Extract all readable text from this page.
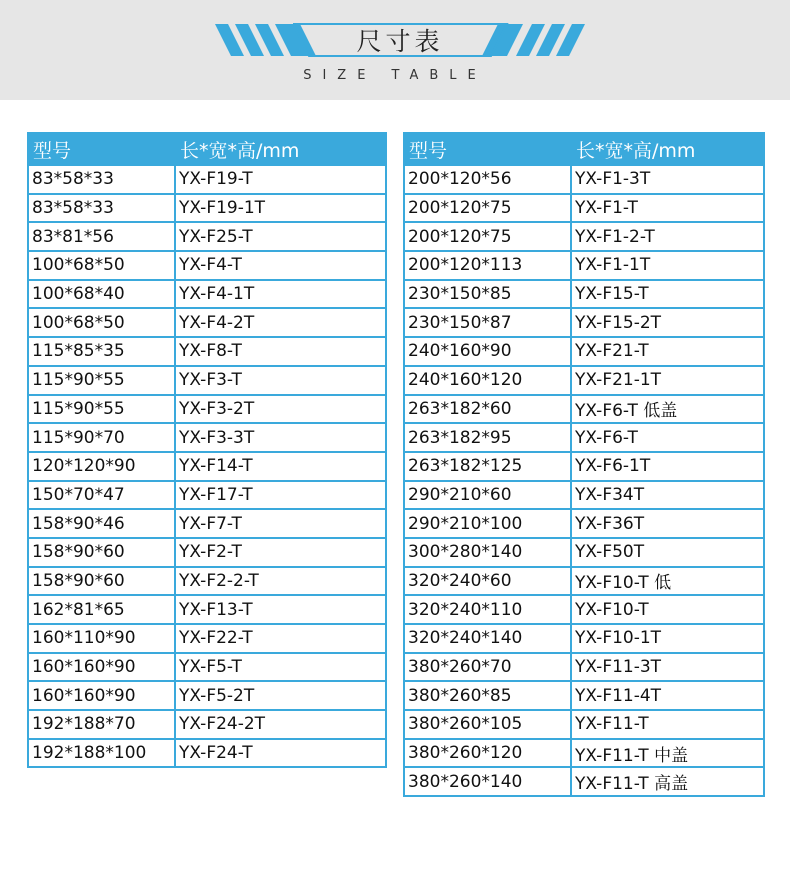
尺寸表
SIZE TABLE
型号	长*宽*高/mm
83*58*33	YX-F19-T
83*58*33	YX-F19-1T
83*81*56	YX-F25-T
100*68*50	YX-F4-T
100*68*40	YX-F4-1T
100*68*50	YX-F4-2T
115*85*35	YX-F8-T
115*90*55	YX-F3-T
115*90*55	YX-F3-2T
115*90*70	YX-F3-3T
120*120*90	YX-F14-T
150*70*47	YX-F17-T
158*90*46	YX-F7-T
158*90*60	YX-F2-T
158*90*60	YX-F2-2-T
162*81*65	YX-F13-T
160*110*90	YX-F22-T
160*160*90	YX-F5-T
160*160*90	YX-F5-2T
192*188*70	YX-F24-2T
192*188*100	YX-F24-T
型号	长*宽*高/mm
200*120*56	YX-F1-3T
200*120*75	YX-F1-T
200*120*75	YX-F1-2-T
200*120*113	YX-F1-1T
230*150*85	YX-F15-T
230*150*87	YX-F15-2T
240*160*90	YX-F21-T
240*160*120	YX-F21-1T
263*182*60	YX-F6-T 低盖
263*182*95	YX-F6-T
263*182*125	YX-F6-1T
290*210*60	YX-F34T
290*210*100	YX-F36T
300*280*140	YX-F50T
320*240*60	YX-F10-T 低
320*240*110	YX-F10-T
320*240*140	YX-F10-1T
380*260*70	YX-F11-3T
380*260*85	YX-F11-4T
380*260*105	YX-F11-T
380*260*120	YX-F11-T 中盖
380*260*140	YX-F11-T 高盖
